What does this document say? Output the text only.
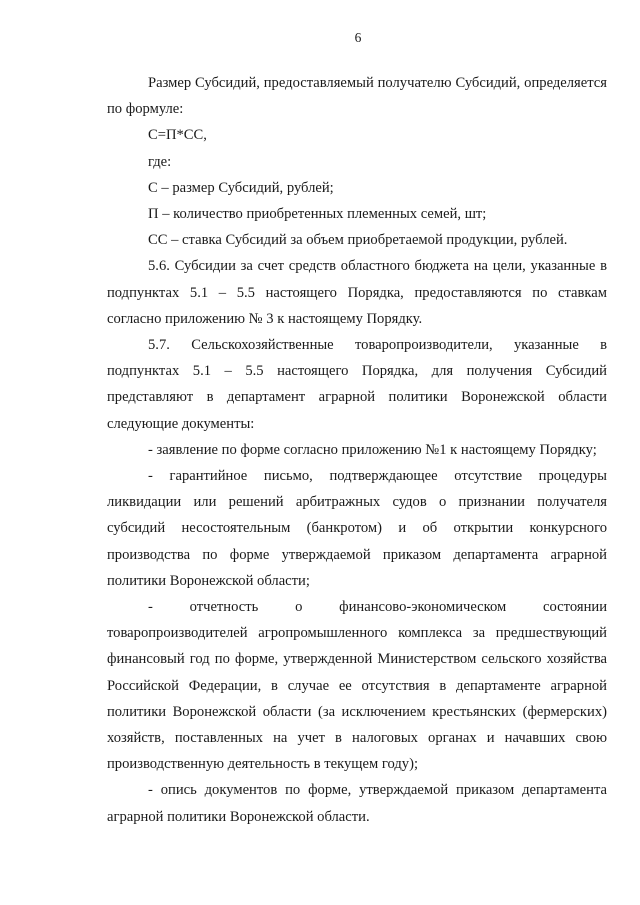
6

Размер Субсидий, предоставляемый получателю Субсидий, определяется по формуле:

С=П*СС,

где:

С – размер Субсидий, рублей;

П – количество приобретенных племенных семей, шт;

СС – ставка Субсидий за объем приобретаемой продукции, рублей.

5.6. Субсидии за счет средств областного бюджета на цели, указанные в подпунктах 5.1 – 5.5 настоящего Порядка, предоставляются по ставкам согласно приложению № 3 к настоящему Порядку.

5.7. Сельскохозяйственные товаропроизводители, указанные в подпунктах 5.1 – 5.5 настоящего Порядка, для получения Субсидий представляют в департамент аграрной политики Воронежской области следующие документы:

- заявление по форме согласно приложению №1 к настоящему Порядку;

- гарантийное письмо, подтверждающее отсутствие процедуры ликвидации или решений арбитражных судов о признании получателя субсидий несостоятельным (банкротом) и об открытии конкурсного производства по форме утверждаемой приказом департамента аграрной политики Воронежской области;

- отчетность о финансово-экономическом состоянии товаропроизводителей агропромышленного комплекса за предшествующий финансовый год по форме, утвержденной Министерством сельского хозяйства Российской Федерации, в случае ее отсутствия в департаменте аграрной политики Воронежской области (за исключением крестьянских (фермерских) хозяйств, поставленных на учет в налоговых органах и начавших свою производственную деятельность в текущем году);

- опись документов по форме, утверждаемой приказом департамента аграрной политики Воронежской области.
